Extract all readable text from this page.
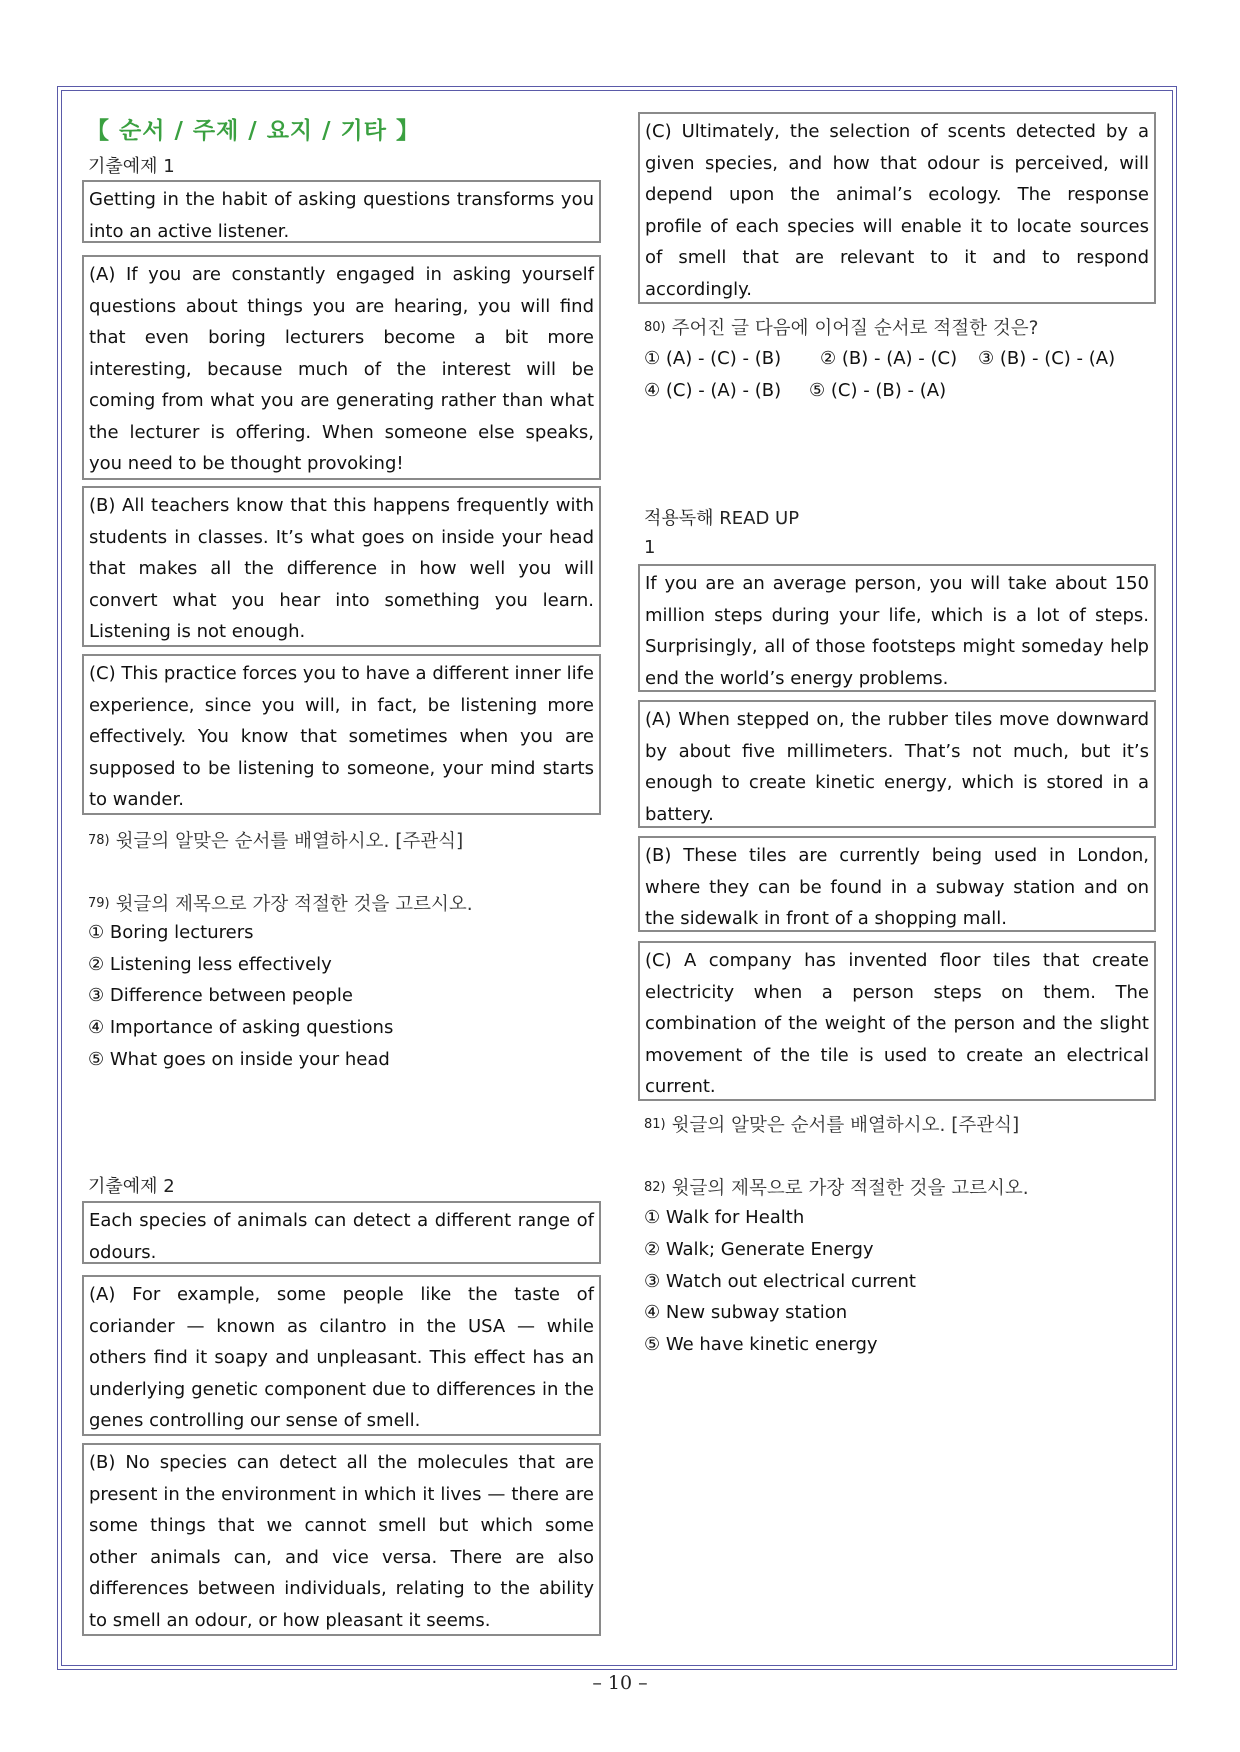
【 순서 / 주제 / 요지 / 기타 】
기출예제 1
Getting in the habit of asking questions transforms you into an active listener.
(A) If you are constantly engaged in asking yourself questions about things you are hearing, you will find that even boring lecturers become a bit more interesting, because much of the interest will be coming from what you are generating rather than what the lecturer is offering. When someone else speaks, you need to be thought provoking!
(B) All teachers know that this happens frequently with students in classes. It’s what goes on inside your head that makes all the difference in how well you will convert what you hear into something you learn. Listening is not enough.
(C) This practice forces you to have a different inner life experience, since you will, in fact, be listening more effectively. You know that sometimes when you are supposed to be listening to someone, your mind starts to wander.
78) 윗글의 알맞은 순서를 배열하시오. [주관식]
79) 윗글의 제목으로 가장 적절한 것을 고르시오.
① Boring lecturers
② Listening less effectively
③ Difference between people
④ Importance of asking questions
⑤ What goes on inside your head
기출예제 2
Each species of animals can detect a different range of odours.
(A) For example, some people like the taste of coriander — known as cilantro in the USA — while others find it soapy and unpleasant. This effect has an underlying genetic component due to differences in the genes controlling our sense of smell.
(B) No species can detect all the molecules that are present in the environment in which it lives — there are some things that we cannot smell but which some other animals can, and vice versa. There are also differences between individuals, relating to the ability to smell an odour, or how pleasant it seems.
(C) Ultimately, the selection of scents detected by a given species, and how that odour is perceived, will depend upon the animal’s ecology. The response profile of each species will enable it to locate sources of smell that are relevant to it and to respond accordingly.
80) 주어진 글 다음에 이어질 순서로 적절한 것은?
① (A) - (C) - (B) ② (B) - (A) - (C) ③ (B) - (C) - (A)
④ (C) - (A) - (B) ⑤ (C) - (B) - (A)
적용독해 READ UP
1
If you are an average person, you will take about 150 million steps during your life, which is a lot of steps. Surprisingly, all of those footsteps might someday help end the world’s energy problems.
(A) When stepped on, the rubber tiles move downward by about five millimeters. That’s not much, but it’s enough to create kinetic energy, which is stored in a battery.
(B) These tiles are currently being used in London, where they can be found in a subway station and on the sidewalk in front of a shopping mall.
(C) A company has invented floor tiles that create electricity when a person steps on them. The combination of the weight of the person and the slight movement of the tile is used to create an electrical current.
81) 윗글의 알맞은 순서를 배열하시오. [주관식]
82) 윗글의 제목으로 가장 적절한 것을 고르시오.
① Walk for Health
② Walk; Generate Energy
③ Watch out electrical current
④ New subway station
⑤ We have kinetic energy
– 10 –
